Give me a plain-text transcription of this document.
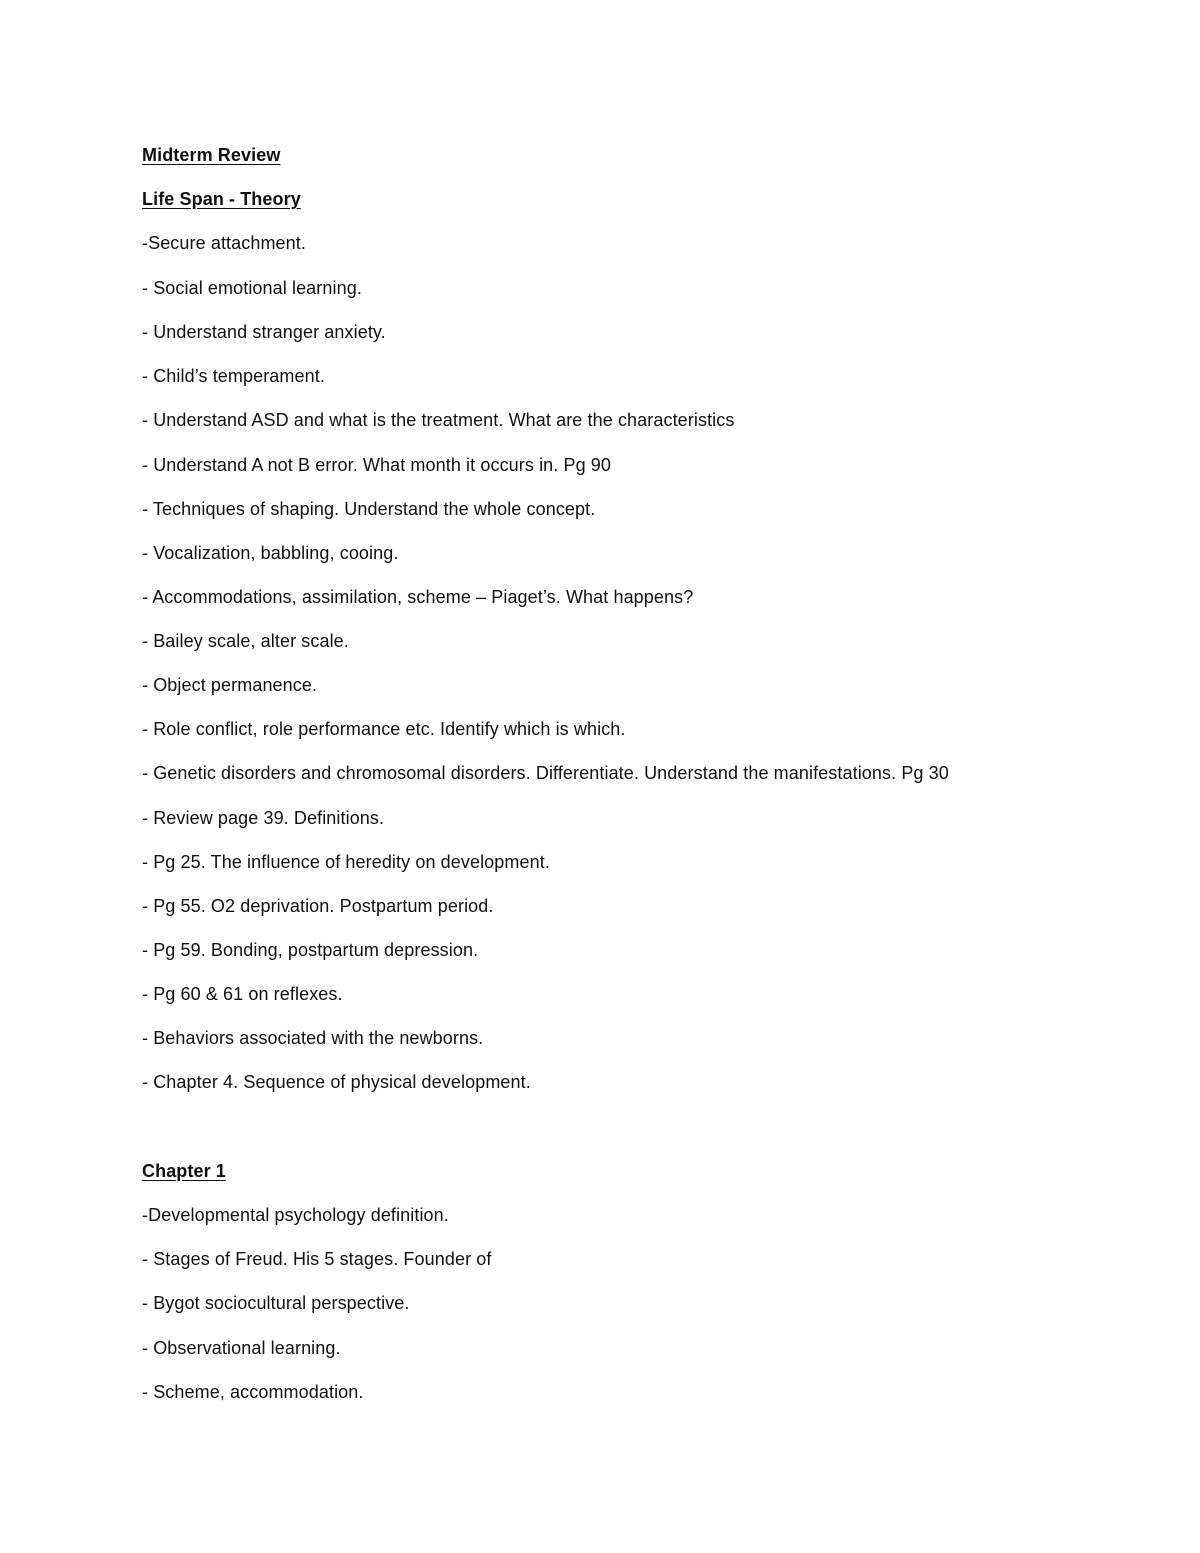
Midterm Review
Life Span - Theory
-Secure attachment.
- Social emotional learning.
- Understand stranger anxiety.
- Child’s temperament.
- Understand ASD and what is the treatment. What are the characteristics
- Understand A not B error. What month it occurs in. Pg 90
- Techniques of shaping. Understand the whole concept.
- Vocalization, babbling, cooing.
- Accommodations, assimilation, scheme – Piaget’s. What happens?
- Bailey scale, alter scale.
- Object permanence.
- Role conflict, role performance etc. Identify which is which.
- Genetic disorders and chromosomal disorders. Differentiate. Understand the manifestations. Pg 30
- Review page 39. Definitions.
- Pg 25. The influence of heredity on development.
- Pg 55. O2 deprivation. Postpartum period.
- Pg 59. Bonding, postpartum depression.
- Pg 60 & 61 on reflexes.
- Behaviors associated with the newborns.
- Chapter 4. Sequence of physical development.
Chapter 1
-Developmental psychology definition.
- Stages of Freud. His 5 stages. Founder of
- Bygot sociocultural perspective.
- Observational learning.
- Scheme, accommodation.
